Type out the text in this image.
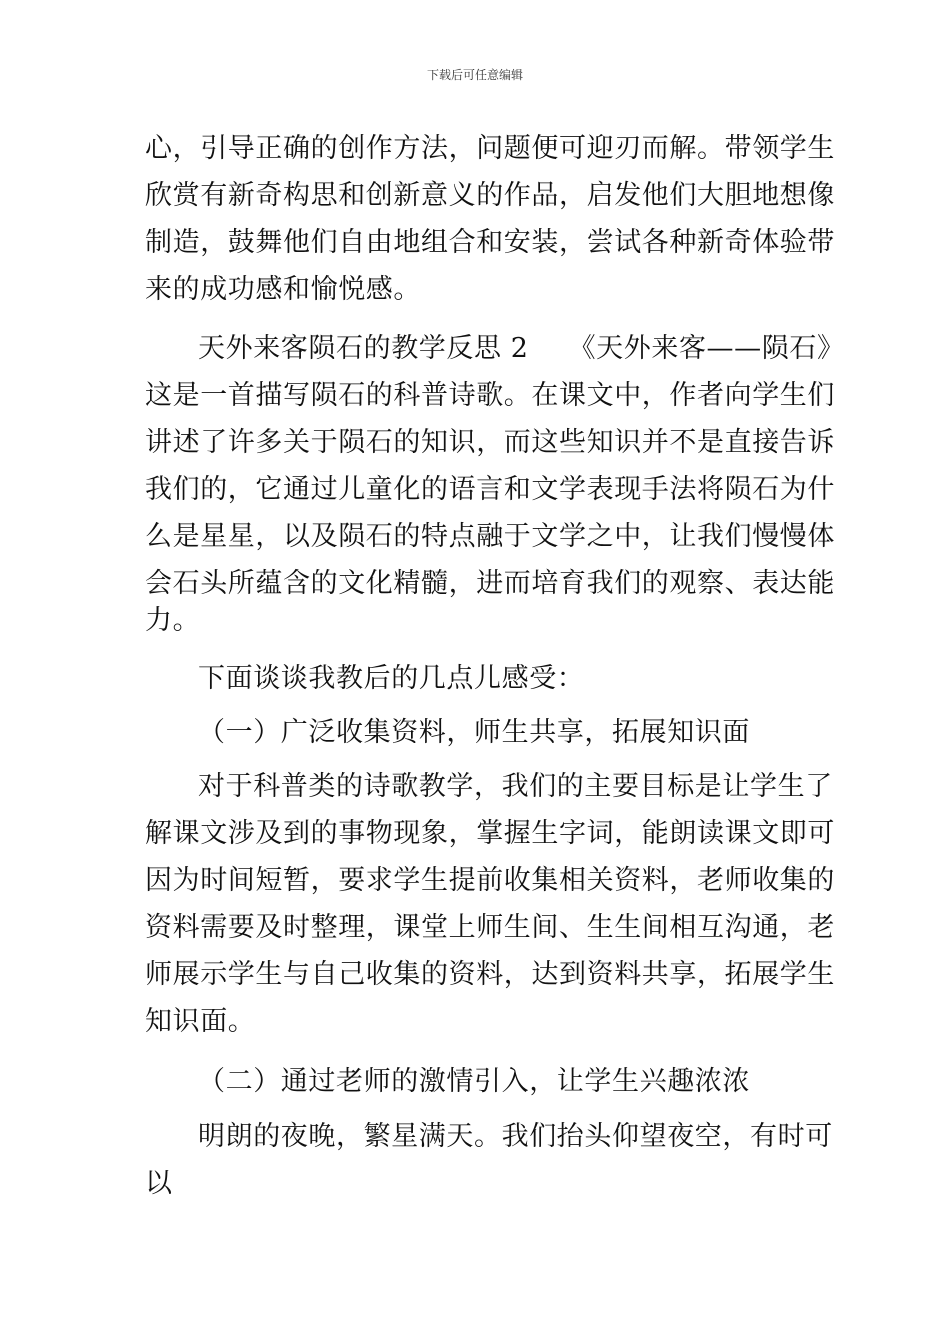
下载后可任意编辑
心，引导正确的创作方法，问题便可迎刃而解。带领学生
欣赏有新奇构思和创新意义的作品，启发他们大胆地想像
制造，鼓舞他们自由地组合和安装，尝试各种新奇体验带
来的成功感和愉悦感。
天外来客陨石的教学反思 2 《天外来客——陨石》
这是一首描写陨石的科普诗歌。在课文中，作者向学生们
讲述了许多关于陨石的知识，而这些知识并不是直接告诉
我们的，它通过儿童化的语言和文学表现手法将陨石为什
么是星星，以及陨石的特点融于文学之中，让我们慢慢体
会石头所蕴含的文化精髓，进而培育我们的观察、表达能
力。
下面谈谈我教后的几点儿感受：
（一）广泛收集资料，师生共享，拓展知识面
对于科普类的诗歌教学，我们的主要目标是让学生了
解课文涉及到的事物现象，掌握生字词，能朗读课文即可
因为时间短暂，要求学生提前收集相关资料，老师收集的
资料需要及时整理，课堂上师生间、生生间相互沟通，老
师展示学生与自己收集的资料，达到资料共享，拓展学生
知识面。
（二）通过老师的激情引入，让学生兴趣浓浓
明朗的夜晚，繁星满天。我们抬头仰望夜空，有时可
以
